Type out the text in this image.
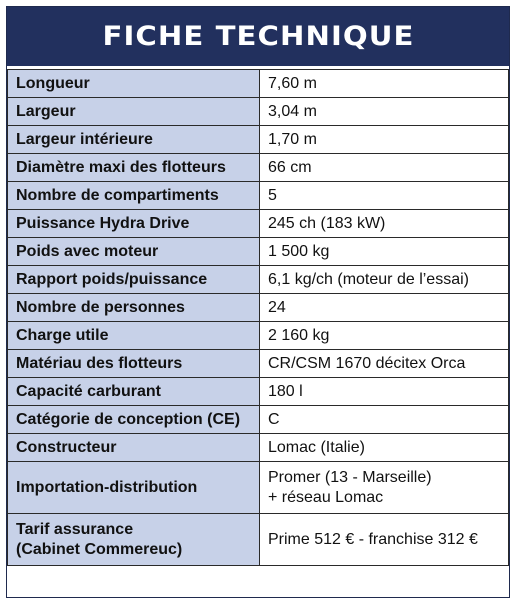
FICHE TECHNIQUE
Longueur	7,60 m
Largeur	3,04 m
Largeur intérieure	1,70 m
Diamètre maxi des flotteurs	66 cm
Nombre de compartiments	5
Puissance Hydra Drive	245 ch (183 kW)
Poids avec moteur	1 500 kg
Rapport poids/puissance	6,1 kg/ch (moteur de l’essai)
Nombre de personnes	24
Charge utile	2 160 kg
Matériau des flotteurs	CR/CSM 1670 décitex Orca
Capacité carburant	180 l
Catégorie de conception (CE)	C
Constructeur	Lomac (Italie)
Importation-distribution	Promer (13 - Marseille)
+ réseau Lomac

Tarif assurance
(Cabinet Commereuc)	Prime 512 € - franchise 312 €
